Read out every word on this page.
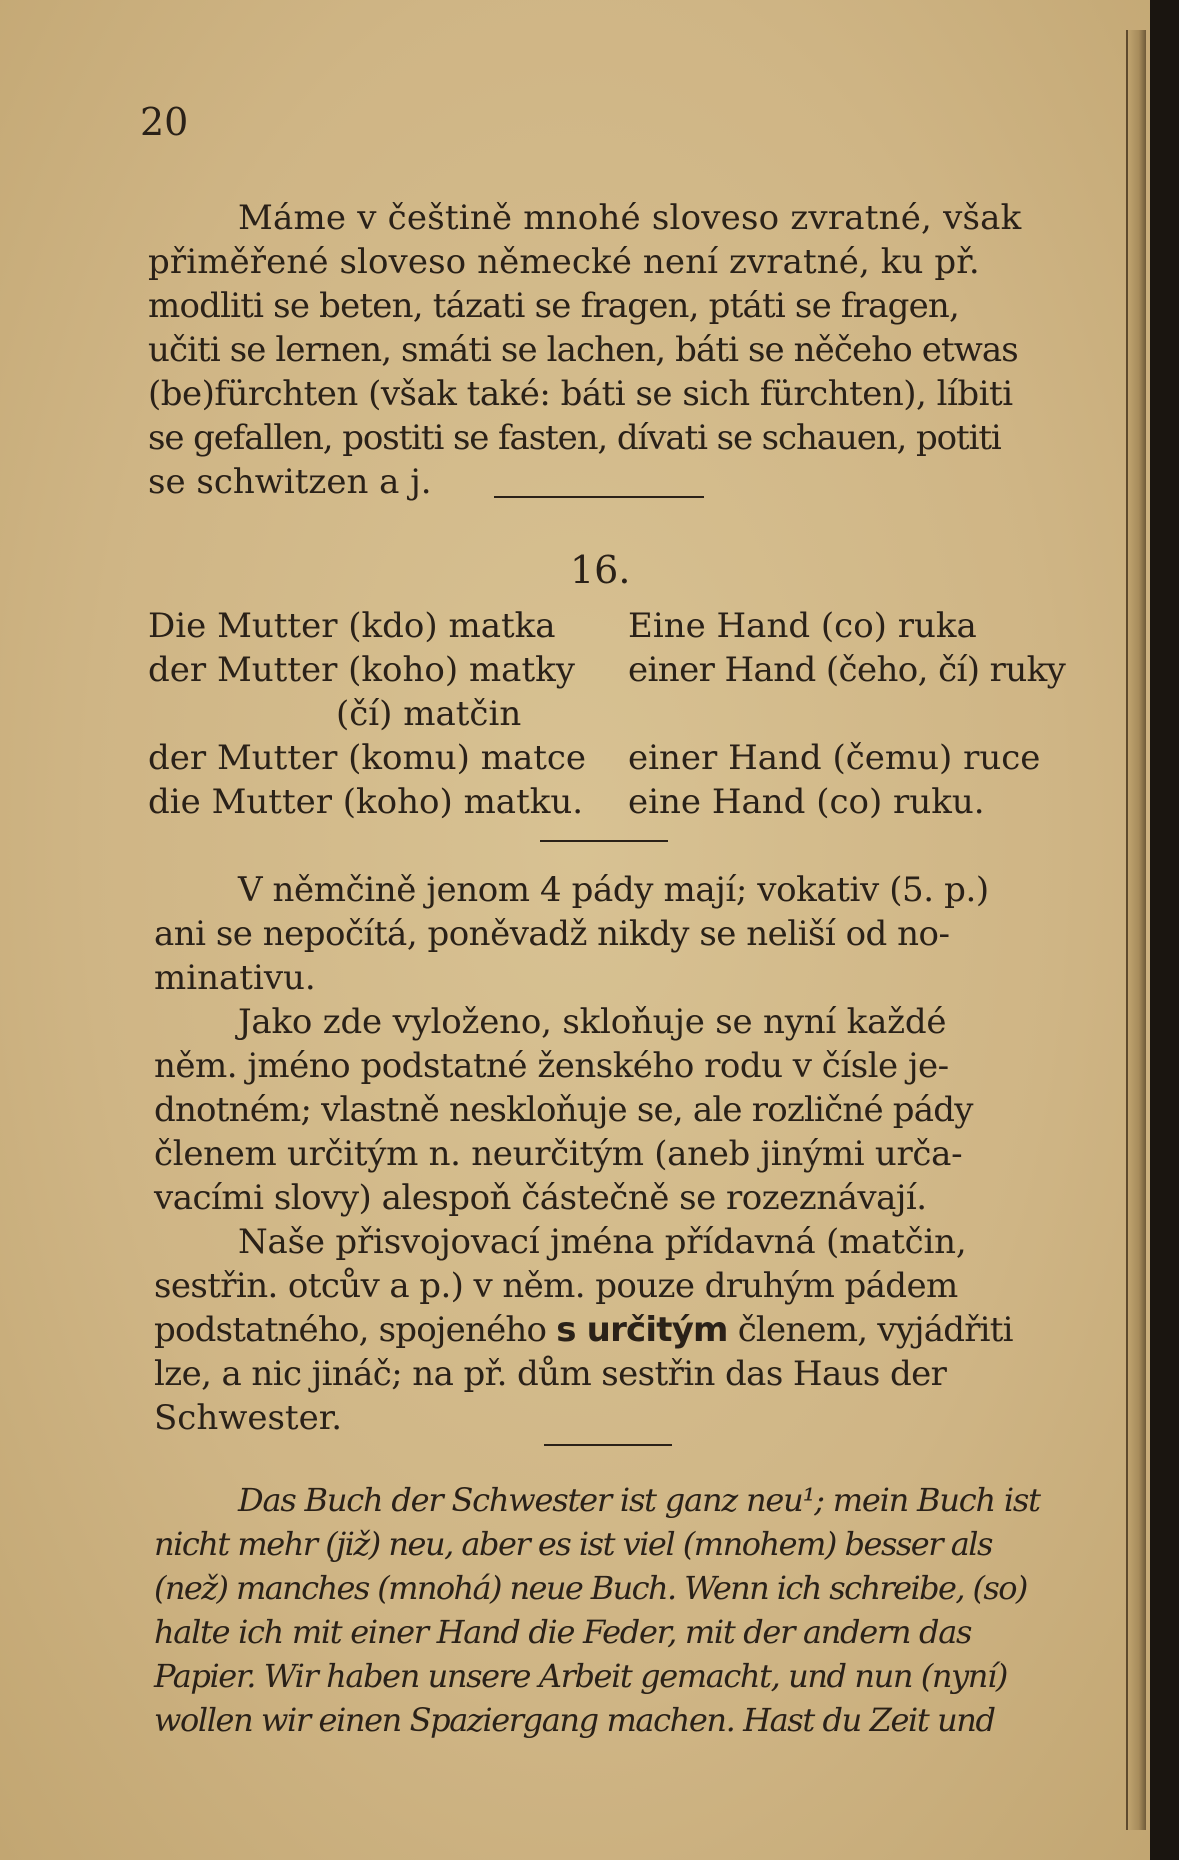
20
Máme v češtině mnohé sloveso zvratné, však
přiměřené sloveso německé není zvratné, ku př.
modliti se beten, tázati se fragen, ptáti se fragen,
učiti se lernen, smáti se lachen, báti se něčeho etwas
(be)fürchten (však také: báti se sich fürchten), líbiti
se gefallen, postiti se fasten, dívati se schauen, potiti
se schwitzen a j.
16.
Die Mutter (kdo) matka
der Mutter (koho) matky
(čí) matčin
der Mutter (komu) matce
die Mutter (koho) matku.
Eine Hand (co) ruka
einer Hand (čeho, čí) ruky
einer Hand (čemu) ruce
eine Hand (co) ruku.
V němčině jenom 4 pády mají; vokativ (5. p.)
ani se nepočítá, poněvadž nikdy se neliší od no-
minativu.
Jako zde vyloženo, skloňuje se nyní každé
něm. jméno podstatné ženského rodu v čísle je-
dnotném; vlastně neskloňuje se, ale rozličné pády
členem určitým n. neurčitým (aneb jinými urča-
vacími slovy) alespoň částečně se rozeznávají.
Naše přisvojovací jména přídavná (matčin,
sestřin. otcův a p.) v něm. pouze druhým pádem
podstatného, spojeného s určitým členem, vyjádřiti
lze, a nic jináč; na př. dům sestřin das Haus der
Schwester.
Das Buch der Schwester ist ganz neu¹; mein Buch ist
nicht mehr (již) neu, aber es ist viel (mnohem) besser als
(než) manches (mnohá) neue Buch. Wenn ich schreibe, (so)
halte ich mit einer Hand die Feder, mit der andern das
Papier. Wir haben unsere Arbeit gemacht, und nun (nyní)
wollen wir einen Spaziergang machen. Hast du Zeit und
